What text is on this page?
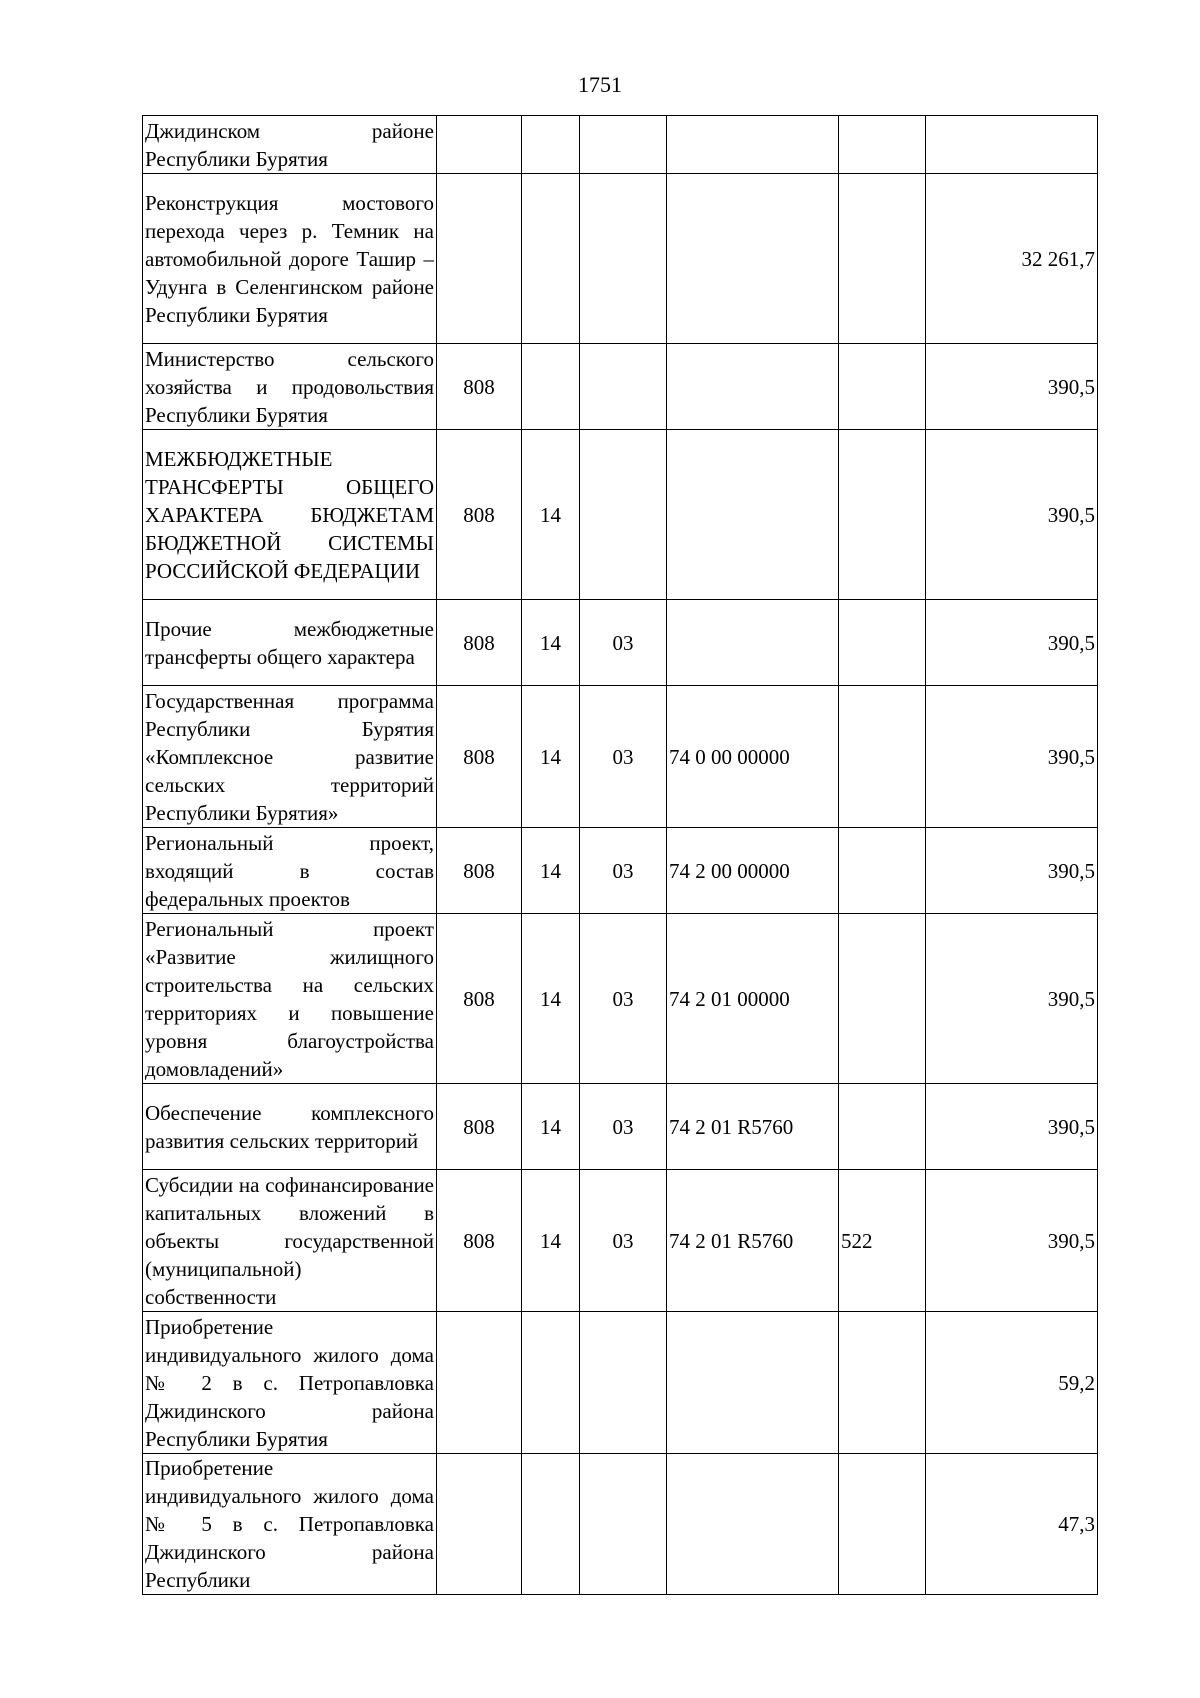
1751
Джидинском районе Республики Бурятия						
Реконструкция мостового перехода через р. Темник на автомобильной дороге Ташир – Удунга в Селенгинском районе Республики Бурятия						32 261,7
Министерство сельского хозяйства и продовольствия Республики Бурятия	808					390,5
МЕЖБЮДЖЕТНЫЕ ТРАНСФЕРТЫ ОБЩЕГО ХАРАКТЕРА БЮДЖЕТАМ БЮДЖЕТНОЙ СИСТЕМЫ РОССИЙСКОЙ ФЕДЕРАЦИИ	808	14				390,5
Прочие межбюджетные трансферты общего характера	808	14	03			390,5
Государственная программа Республики Бурятия «Комплексное развитие сельских территорий Республики Бурятия»	808	14	03	74 0 00 00000		390,5
Региональный проект, входящий в состав федеральных проектов	808	14	03	74 2 00 00000		390,5
Региональный проект «Развитие жилищного строительства на сельских территориях и повышение уровня благоустройства домовладений»	808	14	03	74 2 01 00000		390,5
Обеспечение комплексного развития сельских территорий	808	14	03	74 2 01 R5760		390,5
Субсидии на софинансирование капитальных вложений в объекты государственной (муниципальной) собственности	808	14	03	74 2 01 R5760	522	390,5
Приобретение индивидуального жилого дома № 2 в с. Петропавловка Джидинского района Республики Бурятия						59,2
Приобретение индивидуального жилого дома № 5 в с. Петропавловка Джидинского района Республики						47,3
